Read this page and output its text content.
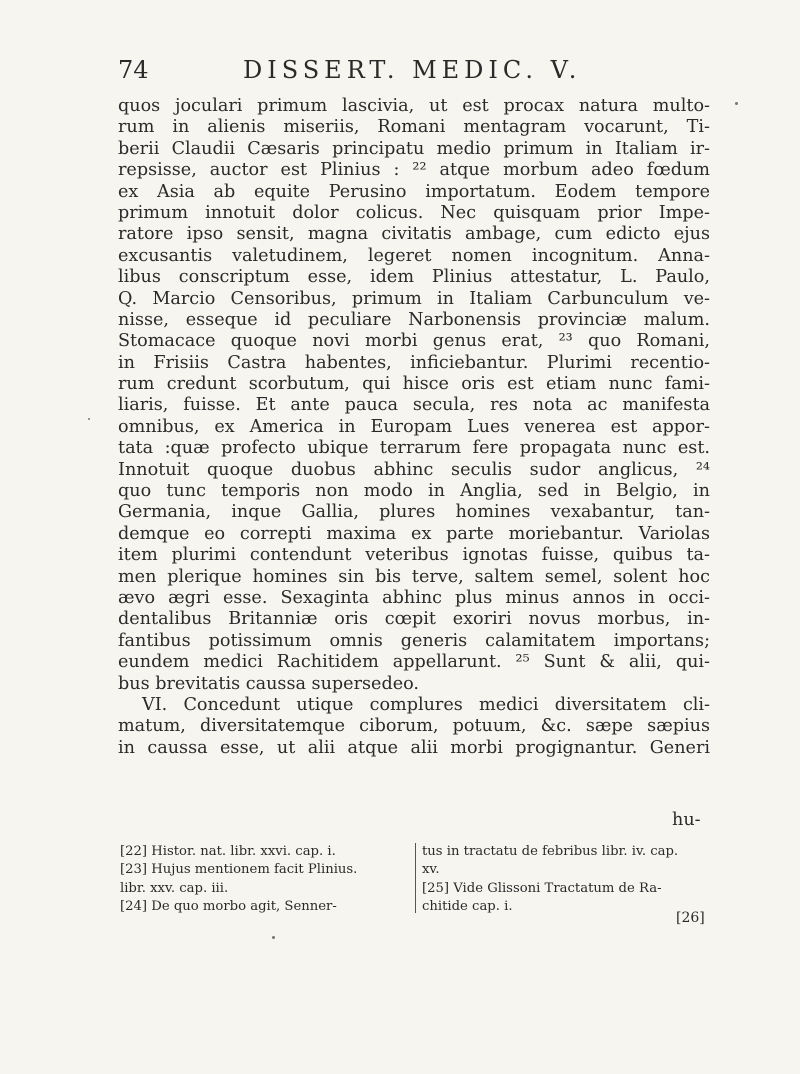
74	DISSERT. MEDIC. V.
quos joculari primum lascivia, ut est procax natura multo-
rum in alienis miseriis, Romani mentagram vocarunt, Ti-
berii Claudii Cæsaris principatu medio primum in Italiam ir-
repsisse, auctor est Plinius : ²² atque morbum adeo fœdum
ex Asia ab equite Perusino importatum. Eodem tempore
primum innotuit dolor colicus. Nec quisquam prior Impe-
ratore ipso sensit, magna civitatis ambage, cum edicto ejus
excusantis valetudinem, legeret nomen incognitum. Anna-
libus conscriptum esse, idem Plinius attestatur, L. Paulo,
Q. Marcio Censoribus, primum in Italiam Carbunculum ve-
nisse, esseque id peculiare Narbonensis provinciæ malum.
Stomacace quoque novi morbi genus erat, ²³ quo Romani,
in Frisiis Castra habentes, inficiebantur. Plurimi recentio-
rum credunt scorbutum, qui hisce oris est etiam nunc fami-
liaris, fuisse. Et ante pauca secula, res nota ac manifesta
omnibus, ex America in Europam Lues venerea est appor-
tata :quæ profecto ubique terrarum fere propagata nunc est.
Innotuit quoque duobus abhinc seculis sudor anglicus, ²⁴
quo tunc temporis non modo in Anglia, sed in Belgio, in
Germania, inque Gallia, plures homines vexabantur, tan-
demque eo correpti maxima ex parte moriebantur. Variolas
item plurimi contendunt veteribus ignotas fuisse, quibus ta-
men plerique homines sin bis terve, saltem semel, solent hoc
ævo ægri esse. Sexaginta abhinc plus minus annos in occi-
dentalibus Britanniæ oris cœpit exoriri novus morbus, in-
fantibus potissimum omnis generis calamitatem importans;
eundem medici Rachitidem appellarunt. ²⁵ Sunt & alii, qui-
bus brevitatis caussa supersedeo.
VI. Concedunt utique complures medici diversitatem cli-
matum, diversitatemque ciborum, potuum, &c. sæpe sæpius
in caussa esse, ut alii atque alii morbi progignantur. Generi
hu-
[22] Histor. nat. libr. xxvi. cap. i.
[23] Hujus mentionem facit Plinius.
libr. xxv. cap. iii.
[24] De quo morbo agit, Senner-
tus in tractatu de febribus libr. iv. cap.
xv.
[25] Vide Glissoni Tractatum de Ra-
chitide cap. i.
[26]
